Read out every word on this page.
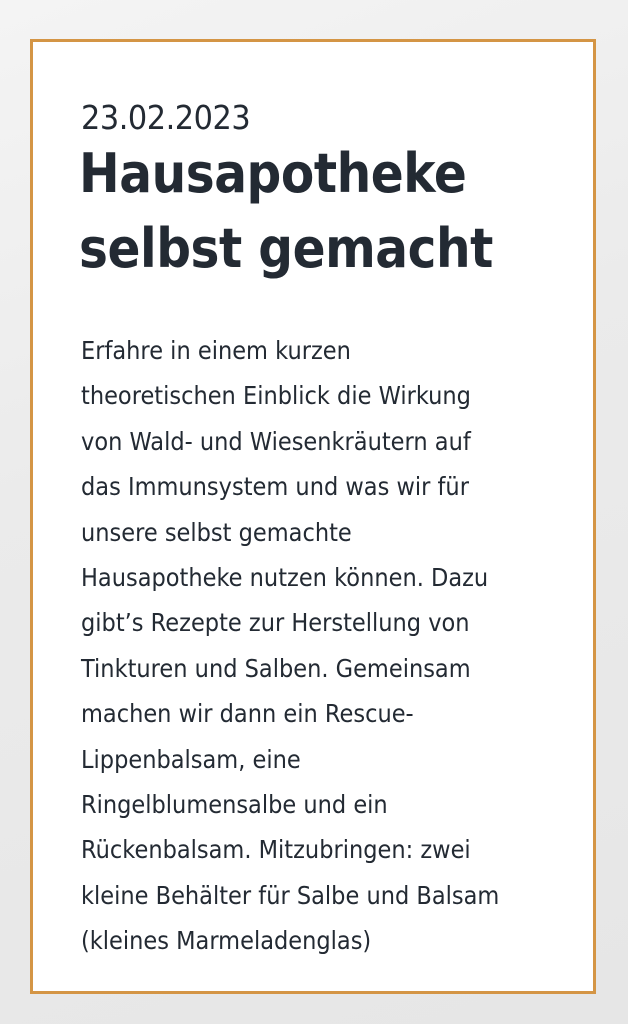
23.02.2023
Hausapotheke
selbst gemacht

Erfahre in einem kurzen
theoretischen Einblick die Wirkung
von Wald- und Wiesenkräutern auf
das Immunsystem und was wir für
unsere selbst gemachte
Hausapotheke nutzen können. Dazu
gibt’s Rezepte zur Herstellung von
Tinkturen und Salben. Gemeinsam
machen wir dann ein Rescue-
Lippenbalsam, eine
Ringelblumensalbe und ein
Rückenbalsam. Mitzubringen: zwei
kleine Behälter für Salbe und Balsam
(kleines Marmeladenglas)
